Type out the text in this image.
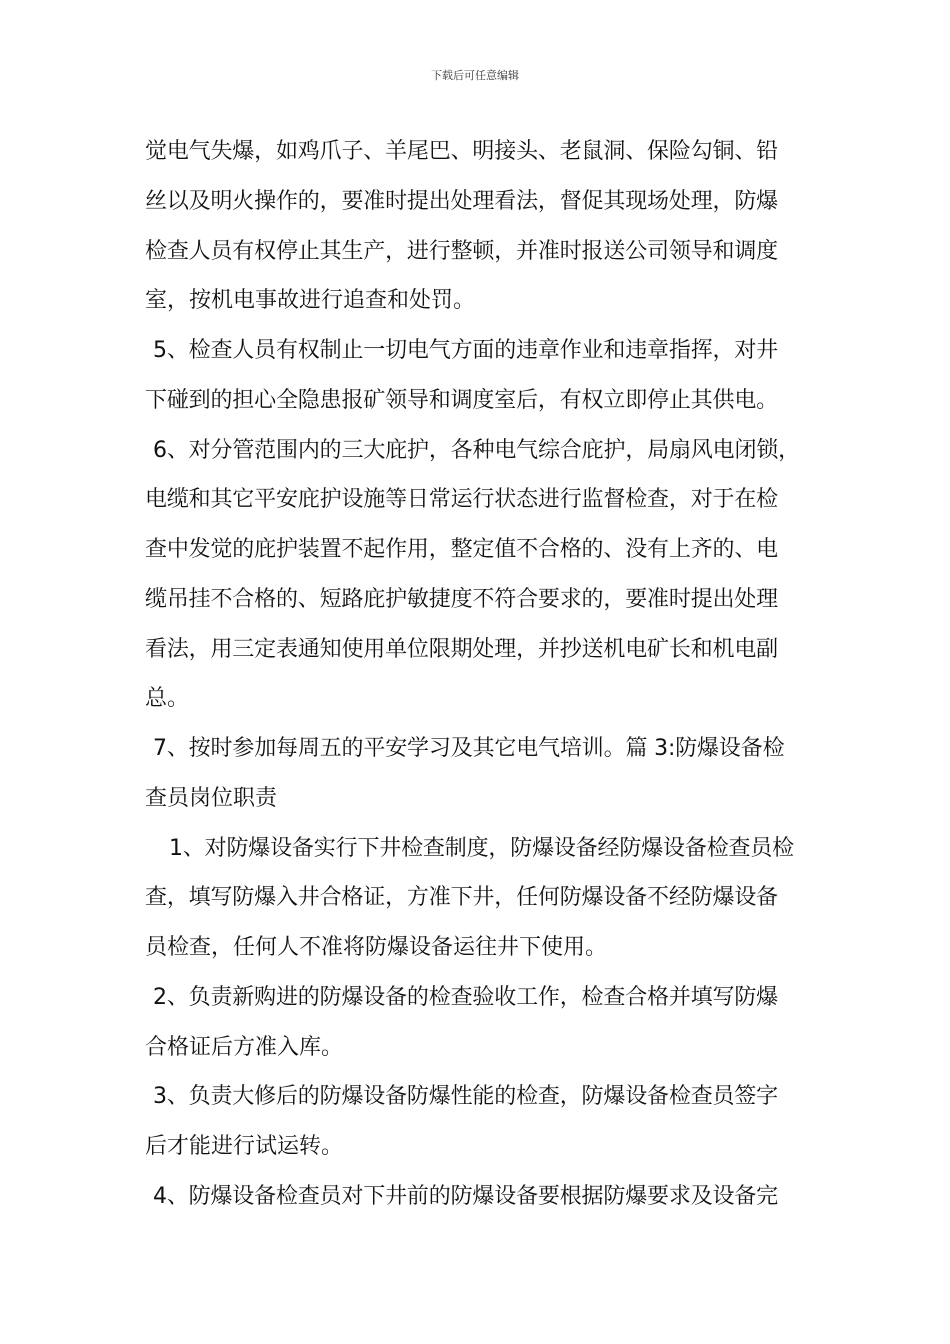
下载后可任意编辑
觉电气失爆，如鸡爪子、羊尾巴、明接头、老鼠洞、保险勾铜、铅
丝以及明火操作的，要准时提出处理看法，督促其现场处理，防爆
检查人员有权停止其生产，进行整顿，并准时报送公司领导和调度
室，按机电事故进行追查和处罚。
5、检查人员有权制止一切电气方面的违章作业和违章指挥，对井
下碰到的担心全隐患报矿领导和调度室后，有权立即停止其供电。
6、对分管范围内的三大庇护，各种电气综合庇护，局扇风电闭锁，
电缆和其它平安庇护设施等日常运行状态进行监督检查，对于在检
查中发觉的庇护装置不起作用，整定值不合格的、没有上齐的、电
缆吊挂不合格的、短路庇护敏捷度不符合要求的，要准时提出处理
看法，用三定表通知使用单位限期处理，并抄送机电矿长和机电副
总。
7、按时参加每周五的平安学习及其它电气培训。篇 3:防爆设备检
查员岗位职责
1、对防爆设备实行下井检查制度，防爆设备经防爆设备检查员检
查，填写防爆入井合格证，方准下井，任何防爆设备不经防爆设备
员检查，任何人不准将防爆设备运往井下使用。
2、负责新购进的防爆设备的检查验收工作，检查合格并填写防爆
合格证后方准入库。
3、负责大修后的防爆设备防爆性能的检查，防爆设备检查员签字
后才能进行试运转。
4、防爆设备检查员对下井前的防爆设备要根据防爆要求及设备完
